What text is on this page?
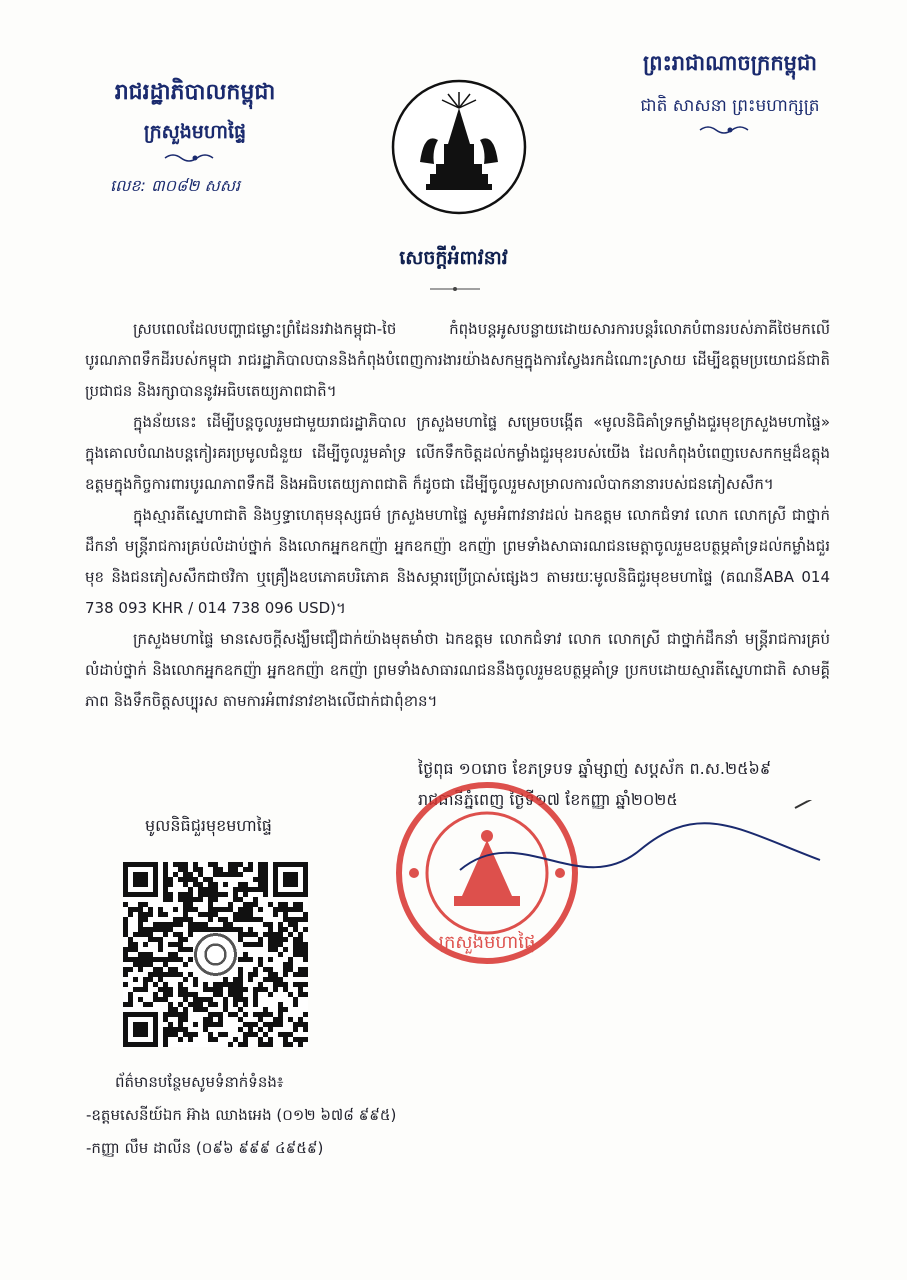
រាជរដ្ឋាភិបាលកម្ពុជា
ក្រសួងមហាផ្ទៃ
លេខ: ៣០៨២ សសរ
ព្រះរាជាណាចក្រកម្ពុជា
ជាតិ សាសនា ព្រះមហាក្សត្រ
សេចក្ដីអំពាវនាវ

ស្របពេលដែលបញ្ហាជម្លោះព្រំដែនរវាងកម្ពុជា-ថៃ កំពុងបន្តអូសបន្លាយដោយសារការបន្តរំលោភបំពានរបស់ភាគីថៃមកលើបូរណភាពទឹកដីរបស់កម្ពុជា រាជរដ្ឋាភិបាលបាននិងកំពុងបំពេញការងារយ៉ាងសកម្មក្នុងការស្វែងរកដំណោះស្រាយ ដើម្បីឧត្តមប្រយោជន៍ជាតិ ប្រជាជន និងរក្សាបាននូវអធិបតេយ្យភាពជាតិ។

ក្នុងន័យនេះ ដើម្បីបន្តចូលរួមជាមួយរាជរដ្ឋាភិបាល ក្រសួងមហាផ្ទៃ សម្រេចបង្កើត «មូលនិធិគាំទ្រកម្លាំងជួរមុខក្រសួងមហាផ្ទៃ» ក្នុងគោលបំណងបន្តកៀរគរប្រមូលជំនួយ ដើម្បីចូលរួមគាំទ្រ លើកទឹកចិត្តដល់កម្លាំងជួរមុខរបស់យើង ដែលកំពុងបំពេញបេសកកម្មដ៏ឧត្តុងឧត្តមក្នុងកិច្ចការពារបូរណភាពទឹកដី និងអធិបតេយ្យភាពជាតិ ក៏ដូចជា ដើម្បីចូលរួមសម្រាលការលំបាកនានារបស់ជនភៀសសឹក។

ក្នុងស្មារតីស្នេហាជាតិ និងឫទ្ធាហេតុមនុស្សធម៌ ក្រសួងមហាផ្ទៃ សូមអំពាវនាវដល់ ឯកឧត្តម លោកជំទាវ លោក លោកស្រី ជាថ្នាក់ដឹកនាំ មន្ត្រីរាជការគ្រប់លំដាប់ថ្នាក់ និងលោកអ្នកឧកញ៉ា អ្នកឧកញ៉ា ឧកញ៉ា ព្រមទាំងសាធារណជនមេត្តាចូលរួមឧបត្ថម្ភគាំទ្រដល់កម្លាំងជួរមុខ និងជនភៀសសឹកជាថវិកា ឬគ្រឿងឧបភោគបរិភោគ និងសម្ភារប្រើប្រាស់ផ្សេងៗ តាមរយៈមូលនិធិជួរមុខមហាផ្ទៃ (គណនីABA 014 738 093 KHR / 014 738 096 USD)។

ក្រសួងមហាផ្ទៃ មានសេចក្ដីសង្ឃឹមជឿជាក់យ៉ាងមុតមាំថា ឯកឧត្តម លោកជំទាវ លោក លោកស្រី ជាថ្នាក់ដឹកនាំ មន្ត្រីរាជការគ្រប់លំដាប់ថ្នាក់ និងលោកអ្នកឧកញ៉ា អ្នកឧកញ៉ា ឧកញ៉ា ព្រមទាំងសាធារណជននឹងចូលរួមឧបត្ថម្ភគាំទ្រ ប្រកបដោយស្មារតីស្នេហាជាតិ សាមគ្គីភាព និងទឹកចិត្តសប្បុរស តាមការអំពាវនាវខាងលើជាក់ជាពុំខាន។

ថ្ងៃពុធ ១០រោច ខែភទ្របទ ឆ្នាំម្សាញ់ សប្តស័ក ព.ស.២៥៦៩
រាជធានីភ្នំពេញ ថ្ងៃទី១៧ ខែកញ្ញា ឆ្នាំ២០២៥
ក្រសួងមហាផ្ទៃ
មូលនិធិជួរមុខមហាផ្ទៃ
ព័ត៌មានបន្ថែមសូមទំនាក់ទំនង៖
-ឧត្តមសេនីយ៍ឯក អ៊ាង ឈាងអេង (០១២ ៦៧៨ ៩៩៥)
-កញ្ញា លឹម ដាលីន (០៩៦ ៩៩៩ ៤៩៥៩)
